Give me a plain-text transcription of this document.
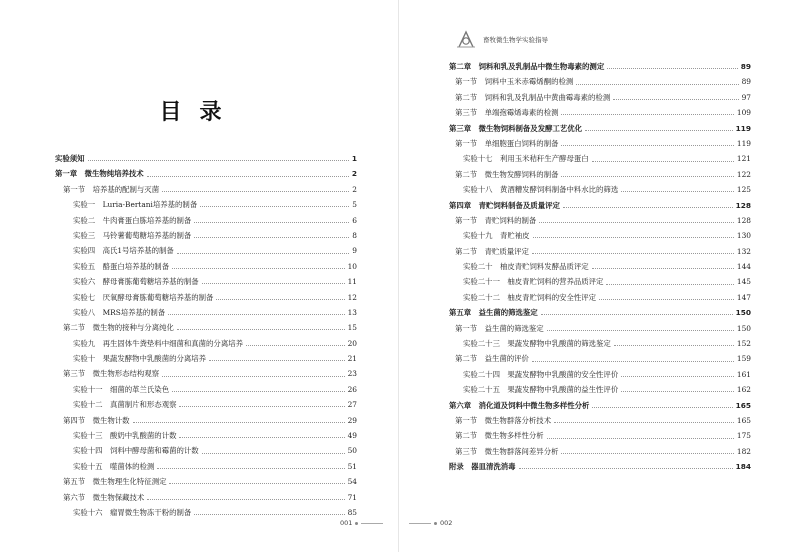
目录
实验须知	1
第一章　微生物纯培养技术	2
第一节　培养基的配制与灭菌	2
实验一　Luria-Bertani培养基的制备	5
实验二　牛肉膏蛋白胨培养基的制备	6
实验三　马铃薯葡萄糖培养基的制备	8
实验四　高氏1号培养基的制备	9
实验五　酪蛋白培养基的制备	10
实验六　酵母膏胨葡萄糖培养基的制备	11
实验七　厌氧酵母膏胨葡萄糖培养基的制备	12
实验八　MRS培养基的制备	13
第二节　微生物的接种与分离纯化	15
实验九　再生固体牛粪垫料中细菌和真菌的分离培养	20
实验十　果蔬发酵物中乳酸菌的分离培养	21
第三节　微生物形态结构观察	23
实验十一　细菌的革兰氏染色	26
实验十二　真菌制片和形态观察	27
第四节　微生物计数	29
实验十三　酸奶中乳酸菌的计数	49
实验十四　饲料中酵母菌和霉菌的计数	50
实验十五　噬菌体的检测	51
第五节　微生物理生化特征测定	54
第六节　微生物保藏技术	71
实验十六　瘤胃微生物冻干粉的制备	85
001
第二章　饲料和乳及乳制品中微生物毒素的测定	89
第一节　饲料中玉米赤霉烯酮的检测	89
第二节　饲料和乳及乳制品中黄曲霉毒素的检测	97
第三节　单端孢霉烯毒素的检测	109
第三章　微生物饲料制备及发酵工艺优化	119
第一节　单细胞蛋白饲料的制备	119
实验十七　利用玉米秸秆生产酵母蛋白	121
第二节　微生物发酵饲料的制备	122
实验十八　黄酒糟发酵饲料制备中料水比的筛选	125
第四章　青贮饲料制备及质量评定	128
第一节　青贮饲料的制备	128
实验十九　青贮袖皮	130
第二节　青贮质量评定	132
实验二十　柚皮青贮饲料发酵品质评定	144
实验二十一　柚皮青贮饲料的营养品质评定	145
实验二十二　柚皮青贮饲料的安全性评定	147
第五章　益生菌的筛选鉴定	150
第一节　益生菌的筛选鉴定	150
实验二十三　果蔬发酵物中乳酸菌的筛选鉴定	152
第二节　益生菌的评价	159
实验二十四　果蔬发酵物中乳酸菌的安全性评价	161
实验二十五　果蔬发酵物中乳酸菌的益生性评价	162
第六章　消化道及饲料中微生物多样性分析	165
第一节　微生物群落分析技术	165
第二节　微生物多样性分析	175
第三节　微生物群落间差异分析	182
附录　器皿清洗消毒	184
002
畜牧微生物学实验指导
